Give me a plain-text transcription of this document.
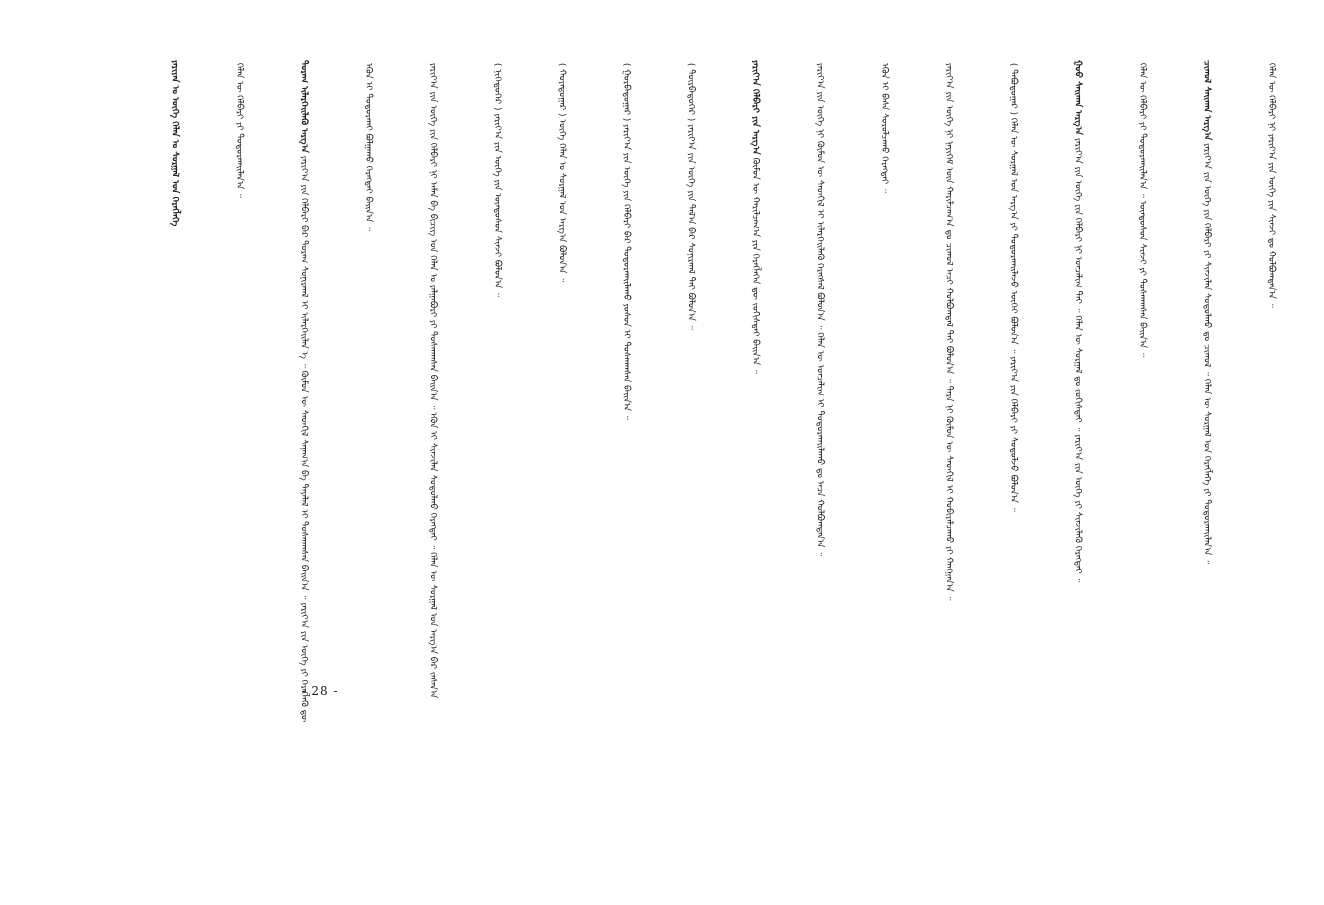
ᠶᠠᠷᠢᠶᠠᠨ ᠤ ᠦᠭᠡ ᠬᠡᠯᠡᠨ ᠤ ᠰᠤᠷᠭᠠᠯ ᠤᠨ ᠬᠡᠷᠡᠭᠯᠡᠭᠡ

	ᠬᠡᠯᠡᠨ ᠦ ᠬᠡᠯᠪᠡᠷᠢ ᠶᠢ ᠲᠣᠳᠣᠷᠬᠠᠢᠯᠠᠨ᠎ᠠ ᠃

	ᠳᠤᠷᠠᠭ ᠢᠯᠡᠷᠬᠡᠢᠯᠡᠬᠦ ᠠᠷᠭ᠎ᠠ ᠶᠠᠷᠢᠶ᠎ᠠ ᠶᠢᠨ ᠬᠡᠯᠪᠡᠷᠢ ᠪᠡᠷ ᠳᠤᠷᠠᠭ ᠰᠣᠨᠢᠷᠬᠠᠯ ᠢ ᠢᠯᠡᠷᠬᠡᠢᠯᠡᠨ ᠡ ᠃ ᠬᠦᠮᠦᠨ ᠦ ᠰᠡᠳᠬᠢᠯ ᠰᠠᠨᠠᠭ᠎ᠠ ᠪᠠ ᠲᠠᠶᠠᠯᠠᠯ ᠢ ᠲᠤᠰᠬᠠᠭᠰᠠᠨ ᠪᠠᠢᠨ᠎ᠠ ᠃ ᠶᠠᠷᠢᠶ᠎ᠠ ᠶᠢᠨ ᠦᠭᠡ ᠶᠢ ᠬᠡᠷᠡᠭᠯᠡᠬᠦ ᠳᠦ

ᠡᠭᠦᠨ ᠢ ᠲᠣᠳᠣᠷᠬᠠᠢ ᠪᠣᠯᠭᠠᠬᠤ ᠬᠡᠷᠡᠭᠲᠡᠢ ᠪᠠᠢᠨ᠎ᠠ ᠃

	ᠶᠠᠷᠢᠶ᠎ᠠ ᠶᠢᠨ ᠦᠭᠡ ᠶᠢᠨ ᠬᠡᠯᠪᠡᠷᠢ ᠨᠢ ᠠᠮᠠᠨ ᠪᠠ ᠪᠢᠴᠢᠭ ᠤᠨ ᠬᠡᠯᠡᠨ ᠤ ᠶᠠᠯᠭᠠᠪᠤᠷᠢ ᠶᠢ ᠲᠤᠰᠬᠠᠭᠰᠠᠨ ᠪᠠᠢᠨ᠎ᠠ ᠃ ᠡᠭᠦᠨ ᠢ ᠰᠢᠨᠵᠢᠯᠡᠨ ᠰᠤᠳᠤᠯᠬᠤ ᠬᠡᠷᠡᠭᠲᠡᠢ ᠃ ᠬᠡᠯᠡᠨ ᠦ ᠰᠤᠷᠭᠠᠯ ᠤᠨ ᠠᠷᠭ᠎ᠠ ᠪᠠᠷ ᠵᠠᠰᠠᠨ᠎ᠠ

	( ᠨᠢᠭᠡᠳᠦᠭᠡᠷ ) ᠶᠠᠷᠢᠶ᠎ᠠ ᠶᠢᠨ ᠦᠭᠡ ᠶᠢᠨ ᠦᠨᠳᠦᠰᠦᠨ ᠰᠢᠨᠵᠢ ᠪᠣᠯᠤᠨ᠎ᠠ ᠃

	( ᠬᠣᠶᠠᠳᠤᠭᠠᠷ ) ᠦᠭᠡ ᠬᠡᠯᠡᠨ ᠤ ᠰᠤᠷᠭᠠᠯ ᠤᠨ ᠠᠷᠭ᠎ᠠ ᠪᠣᠯᠤᠨ᠎ᠠ ᠃

	( ᠭᠤᠷᠪᠠᠳᠤᠭᠠᠷ ) ᠶᠠᠷᠢᠶ᠎ᠠ ᠶᠢᠨ ᠦᠭᠡ ᠶᠢᠨ ᠬᠡᠯᠪᠡᠷᠢ ᠪᠡᠷ ᠲᠣᠳᠣᠷᠬᠠᠢᠯᠠᠬᠤ ᠶᠣᠰᠣᠨ ᠢ ᠲᠤᠰᠬᠠᠭᠰᠠᠨ ᠪᠠᠢᠨ᠎ᠠ ᠃

	( ᠳᠥᠷᠪᠡᠳᠦᠭᠡᠷ ) ᠶᠠᠷᠢᠶ᠎ᠠ ᠶᠢᠨ ᠦᠭᠡ ᠶᠢᠨ ᠲᠠᠯ᠎ᠠ ᠪᠠᠷ ᠰᠣᠨᠢᠷᠬᠠᠯ ᠲᠠᠢ ᠪᠣᠯᠤᠨ᠎ᠠ ᠃

	ᠶᠠᠷᠢᠶ᠎ᠠ ᠬᠡᠯᠪᠡᠷᠢ ᠶᠢᠨ ᠠᠷᠭ᠎ᠠ ᠬᠦᠮᠦᠨ ᠦ ᠬᠠᠷᠢᠯᠴᠠᠭ᠎ᠠ ᠶᠢᠨ ᠬᠡᠷᠡᠭᠯᠡᠭᠡᠨ ᠳᠦ ᠵᠣᠬᠢᠰᠲᠠᠢ ᠪᠠᠢᠨ᠎ᠠ ᠃

	ᠶᠠᠷᠢᠶ᠎ᠠ ᠶᠢᠨ ᠦᠭᠡ ᠨᠢ ᠬᠦᠮᠦᠨ ᠦ ᠰᠡᠳᠬᠢᠯ ᠢ ᠢᠯᠡᠷᠬᠡᠢᠯᠡᠬᠦ ᠬᠡᠷᠡᠭᠰᠡᠯ ᠪᠣᠯᠤᠨ᠎ᠠ ᠃ ᠬᠡᠯᠡᠨ ᠦ ᠣᠨᠴᠠᠯᠢᠭ ᠢ ᠲᠣᠳᠣᠷᠬᠠᠢᠯᠠᠬᠤ ᠳᠤ ᠠᠴᠠ ᠬᠣᠯᠪᠣᠭᠳᠠᠨ᠎ᠠ ᠃

	ᠡᠭᠦᠨ ᠢ ᠪᠠᠰᠠ ᠰᠤᠷᠤᠯᠴᠠᠬᠤ ᠬᠡᠷᠡᠭᠲᠡᠢ ᠃

	ᠶᠠᠷᠢᠶ᠎ᠠ ᠶᠢᠨ ᠦᠭᠡ ᠨᠢ ᠨᠡᠶᠢᠭᠡᠮ ᠦᠨ ᠬᠠᠷᠢᠯᠴᠠᠭ᠎ᠠ ᠳᠤ ᠴᠢᠬᠤᠯ ᠠᠴᠢ ᠬᠣᠯᠪᠣᠭᠳᠠᠯ ᠲᠠᠢ ᠪᠣᠯᠤᠨ᠎ᠠ ᠃ ᠲᠡᠷᠡ ᠨᠢ ᠬᠦᠮᠦᠨ ᠦ ᠰᠡᠳᠬᠢᠯ ᠢ ᠬᠤᠪᠢᠶᠠᠯᠴᠠᠬᠤ ᠶᠢ ᠬᠠᠩᠭᠠᠨ᠎ᠠ ᠃

	( ᠲᠠᠪᠤᠳᠤᠭᠠᠷ ) ᠬᠡᠯᠡᠨ ᠦ ᠰᠤᠷᠭᠠᠯ ᠤᠨ ᠠᠷᠭ᠎ᠠ ᠶᠢ ᠲᠣᠳᠣᠷᠬᠠᠢᠯᠠᠵᠤ ᠦᠭᠡᠢ ᠪᠣᠯᠤᠨ᠎ᠠ ᠃ ᠶᠠᠷᠢᠶ᠎ᠠ ᠶᠢᠨ ᠬᠡᠯᠪᠡᠷᠢ ᠶᠢ ᠰᠤᠳᠤᠯᠵᠤ ᠪᠣᠯᠤᠨ᠎ᠠ ᠃

	ᠭᠣᠣ ᠰᠠᠢᠬᠠᠨ ᠠᠷᠭ᠎ᠠ ᠶᠠᠷᠢᠶ᠎ᠠ ᠶᠢᠨ ᠦᠭᠡ ᠶᠢᠨ ᠬᠡᠯᠪᠡᠷᠢ ᠨᠢ ᠣᠨᠴᠠᠯᠢᠭ ᠲᠠᠢ ᠃ ᠬᠡᠯᠡᠨ ᠦ ᠰᠤᠷᠭᠠᠯ ᠳᠤ ᠵᠣᠬᠢᠰᠲᠠᠢ ᠃ ᠶᠠᠷᠢᠶ᠎ᠠ ᠶᠢᠨ ᠦᠭᠡ ᠶᠢ ᠰᠢᠨᠵᠢᠯᠡᠬᠦ ᠬᠡᠷᠡᠭᠲᠡᠢ ᠃

	ᠬᠡᠯᠡᠨ ᠦ ᠬᠡᠯᠪᠡᠷᠢ ᠶᠢ ᠲᠣᠳᠣᠷᠬᠠᠢᠯᠠᠨ᠎ᠠ ᠃ ᠦᠨᠳᠦᠰᠦᠨ ᠰᠢᠨᠵᠢ ᠶᠢ ᠲᠤᠰᠬᠠᠭᠰᠠᠨ ᠪᠠᠢᠨ᠎ᠠ ᠃

	ᠴᠢᠬᠤᠯ ᠰᠠᠢᠬᠠᠨ ᠠᠷᠭ᠎ᠠ ᠶᠠᠷᠢᠶ᠎ᠠ ᠶᠢᠨ ᠦᠭᠡ ᠶᠢᠨ ᠬᠡᠯᠪᠡᠷᠢ ᠶᠢ ᠰᠢᠨᠵᠢᠯᠡᠨ ᠰᠤᠳᠤᠯᠬᠤ ᠳᠤ ᠴᠢᠬᠤᠯ ᠃ ᠬᠡᠯᠡᠨ ᠦ ᠰᠤᠷᠭᠠᠯ ᠤᠨ ᠬᠡᠷᠡᠭᠯᠡᠭᠡ ᠶᠢ ᠲᠣᠳᠣᠷᠬᠠᠢᠯᠠᠨ᠎ᠠ ᠃

	ᠬᠡᠯᠡᠨ ᠦ ᠬᠡᠯᠪᠡᠷᠢ ᠨᠢ ᠶᠠᠷᠢᠶ᠎ᠠ ᠶᠢᠨ ᠦᠭᠡ ᠶᠢᠨ ᠰᠢᠨᠵᠢ ᠳᠤ ᠬᠣᠯᠪᠣᠭᠳᠠᠨ᠎ᠠ ᠃

- 28 -
